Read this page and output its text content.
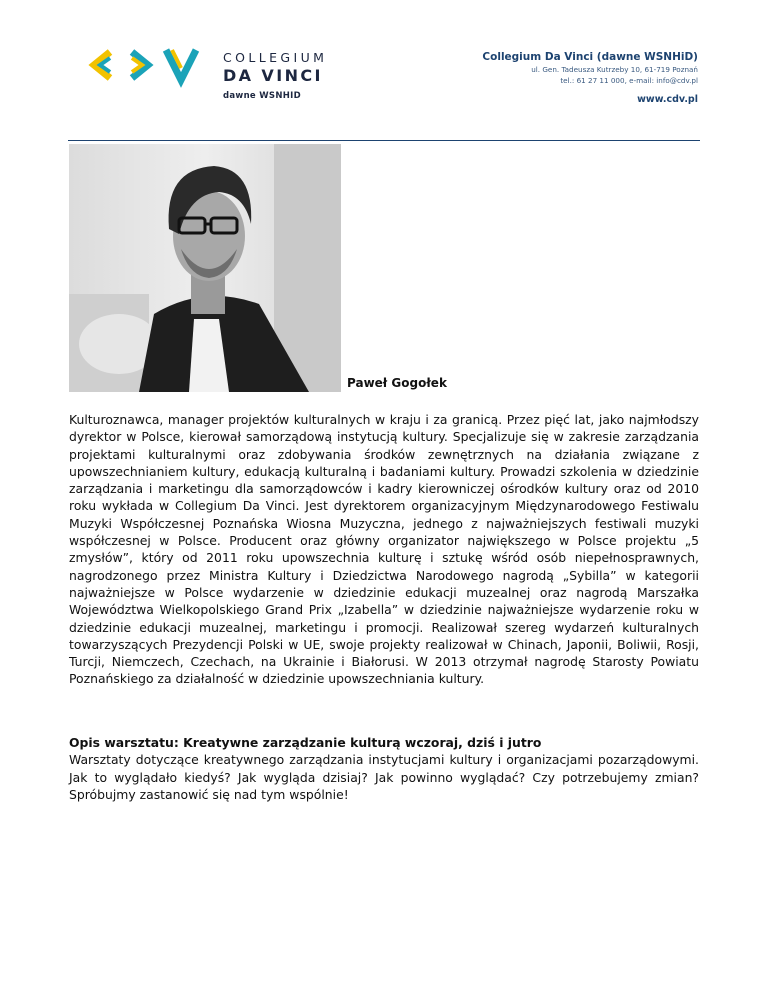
COLLEGIUM
DA VINCI
dawne WSNHID
Collegium Da Vinci (dawne WSNHiD)
ul. Gen. Tadeusza Kutrzeby 10, 61-719 Poznań
tel.: 61 27 11 000, e-mail: info@cdv.pl
www.cdv.pl
Paweł Gogołek

Kulturoznawca, manager projektów kulturalnych w kraju i za granicą. Przez pięć lat, jako najmłodszy dyrektor w Polsce, kierował samorządową instytucją kultury. Specjalizuje się w zakresie zarządzania projektami kulturalnymi oraz zdobywania środków zewnętrznych na działania związane z upowszechnianiem kultury, edukacją kulturalną i badaniami kultury. Prowadzi szkolenia w dziedzinie zarządzania i marketingu dla samorządowców i kadry kierowniczej ośrodków kultury oraz od 2010 roku wykłada w Collegium Da Vinci. Jest dyrektorem organizacyjnym Międzynarodowego Festiwalu Muzyki Współczesnej Poznańska Wiosna Muzyczna, jednego z najważniejszych festiwali muzyki współczesnej w Polsce. Producent oraz główny organizator największego w Polsce projektu „5 zmysłów”, który od 2011 roku upowszechnia kulturę i sztukę wśród osób niepełnosprawnych, nagrodzonego przez Ministra Kultury i Dziedzictwa Narodowego nagrodą „Sybilla” w kategorii najważniejsze w Polsce wydarzenie w dziedzinie edukacji muzealnej oraz nagrodą Marszałka Województwa Wielkopolskiego Grand Prix „Izabella” w dziedzinie najważniejsze wydarzenie roku w dziedzinie edukacji muzealnej, marketingu i promocji. Realizował szereg wydarzeń kulturalnych towarzyszących Prezydencji Polski w UE, swoje projekty realizował w Chinach, Japonii, Boliwii, Rosji, Turcji, Niemczech, Czechach, na Ukrainie i Białorusi. W 2013 otrzymał nagrodę Starosty Powiatu Poznańskiego za działalność w dziedzinie upowszechniania kultury.

Opis warsztatu: Kreatywne zarządzanie kulturą wczoraj, dziś i jutro
Warsztaty dotyczące kreatywnego zarządzania instytucjami kultury i organizacjami pozarządowymi. Jak to wyglądało kiedyś? Jak wygląda dzisiaj? Jak powinno wyglądać? Czy potrzebujemy zmian? Spróbujmy zastanowić się nad tym wspólnie!
